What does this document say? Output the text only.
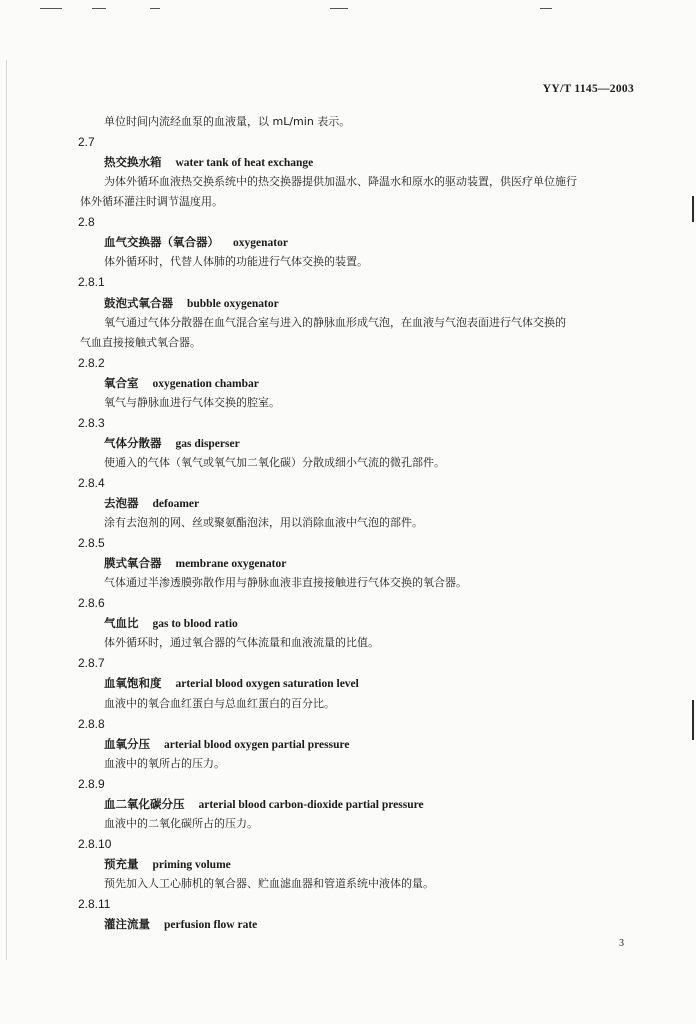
YY/T 1145—2003
单位时间内流经血泵的血液量，以 mL/min 表示。
2.7
热交换水箱 water tank of heat exchange
为体外循环血液热交换系统中的热交换器提供加温水、降温水和原水的驱动装置，供医疗单位施行
体外循环灌注时调节温度用。
2.8
血气交换器（氧合器） oxygenator
体外循环时，代替人体肺的功能进行气体交换的装置。
2.8.1
鼓泡式氧合器 bubble oxygenator
氧气通过气体分散器在血气混合室与进入的静脉血形成气泡，在血液与气泡表面进行气体交换的
气血直接接触式氧合器。
2.8.2
氧合室 oxygenation chambar
氧气与静脉血进行气体交换的腔室。
2.8.3
气体分散器 gas disperser
使通入的气体（氧气或氧气加二氧化碳）分散成细小气流的微孔部件。
2.8.4
去泡器 defoamer
涂有去泡剂的网、丝或聚氨酯泡沫，用以消除血液中气泡的部件。
2.8.5
膜式氧合器 membrane oxygenator
气体通过半渗透膜弥散作用与静脉血液非直接接触进行气体交换的氧合器。
2.8.6
气血比 gas to blood ratio
体外循环时，通过氧合器的气体流量和血液流量的比值。
2.8.7
血氧饱和度 arterial blood oxygen saturation level
血液中的氧合血红蛋白与总血红蛋白的百分比。
2.8.8
血氧分压 arterial blood oxygen partial pressure
血液中的氧所占的压力。
2.8.9
血二氧化碳分压 arterial blood carbon-dioxide partial pressure
血液中的二氧化碳所占的压力。
2.8.10
预充量 priming volume
预先加入人工心肺机的氧合器、贮血滤血器和管道系统中液体的量。
2.8.11
灌注流量 perfusion flow rate
3
